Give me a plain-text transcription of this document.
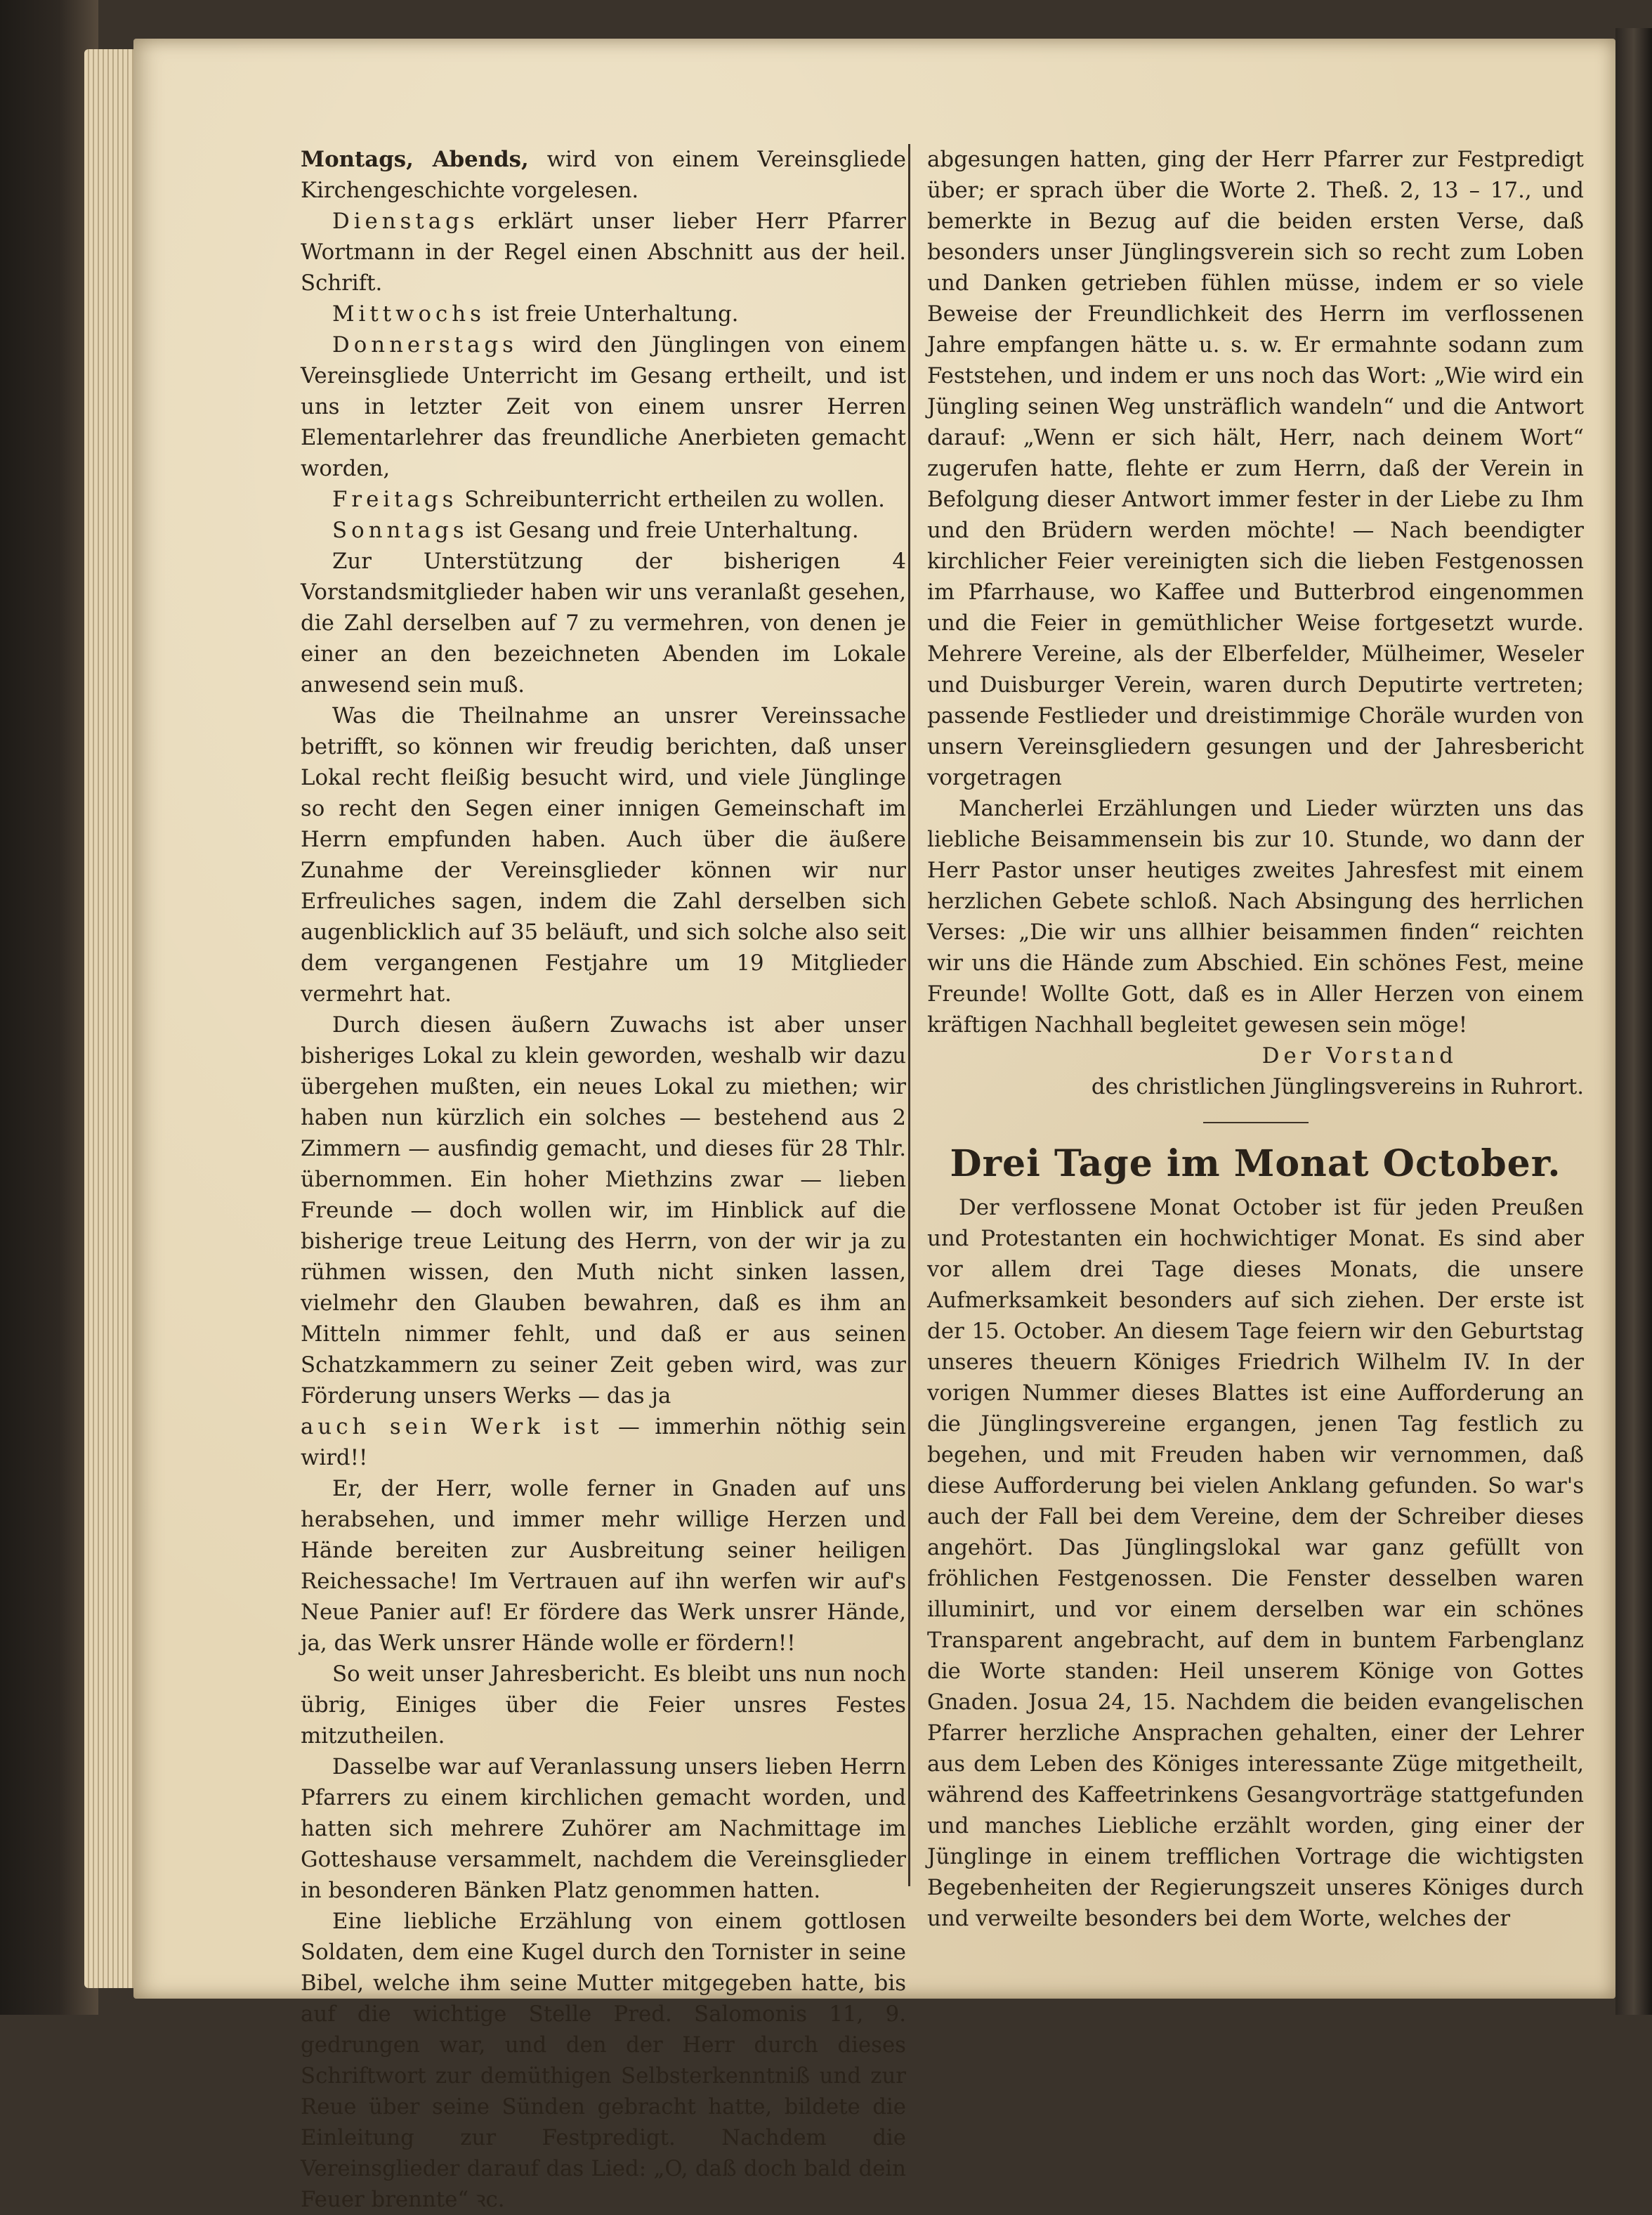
Montags, Abends, wird von einem Vereinsgliede Kirchengeschichte vorgelesen.

Dienstags erklärt unser lieber Herr Pfarrer Wortmann in der Regel einen Abschnitt aus der heil. Schrift.

Mittwochs ist freie Unterhaltung.

Donnerstags wird den Jünglingen von einem Vereinsgliede Unterricht im Gesang ertheilt, und ist uns in letzter Zeit von einem unsrer Herren Elementarlehrer das freundliche Anerbieten gemacht worden,

Freitags Schreibunterricht ertheilen zu wollen.

Sonntags ist Gesang und freie Unterhaltung.

Zur Unterstützung der bisherigen 4 Vorstandsmitglieder haben wir uns veranlaßt gesehen, die Zahl derselben auf 7 zu vermehren, von denen je einer an den bezeichneten Abenden im Lokale anwesend sein muß.

Was die Theilnahme an unsrer Vereinssache betrifft, so können wir freudig berichten, daß unser Lokal recht fleißig besucht wird, und viele Jünglinge so recht den Segen einer innigen Gemeinschaft im Herrn empfunden haben. Auch über die äußere Zunahme der Vereinsglieder können wir nur Erfreuliches sagen, indem die Zahl derselben sich augenblicklich auf 35 beläuft, und sich solche also seit dem vergangenen Festjahre um 19 Mitglieder vermehrt hat.

Durch diesen äußern Zuwachs ist aber unser bisheriges Lokal zu klein geworden, weshalb wir dazu übergehen mußten, ein neues Lokal zu miethen; wir haben nun kürzlich ein solches — bestehend aus 2 Zimmern — ausfindig gemacht, und dieses für 28 Thlr. übernommen. Ein hoher Miethzins zwar — lieben Freunde — doch wollen wir, im Hinblick auf die bisherige treue Leitung des Herrn, von der wir ja zu rühmen wissen, den Muth nicht sinken lassen, vielmehr den Glauben bewahren, daß es ihm an Mitteln nimmer fehlt, und daß er aus seinen Schatzkammern zu seiner Zeit geben wird, was zur Förderung unsers Werks — das ja

auch sein Werk ist — immerhin nöthig sein wird!!

Er, der Herr, wolle ferner in Gnaden auf uns herabsehen, und immer mehr willige Herzen und Hände bereiten zur Ausbreitung seiner heiligen Reichessache! Im Vertrauen auf ihn werfen wir auf's Neue Panier auf! Er fördere das Werk unsrer Hände, ja, das Werk unsrer Hände wolle er fördern!!

So weit unser Jahresbericht. Es bleibt uns nun noch übrig, Einiges über die Feier unsres Festes mitzutheilen.

Dasselbe war auf Veranlassung unsers lieben Herrn Pfarrers zu einem kirchlichen gemacht worden, und hatten sich mehrere Zuhörer am Nachmittage im Gotteshause versammelt, nachdem die Vereinsglieder in besonderen Bänken Platz genommen hatten.

Eine liebliche Erzählung von einem gottlosen Soldaten, dem eine Kugel durch den Tornister in seine Bibel, welche ihm seine Mutter mitgegeben hatte, bis auf die wichtige Stelle Pred. Salomonis 11, 9. gedrungen war, und den der Herr durch dieses Schriftwort zur demüthigen Selbsterkenntniß und zur Reue über seine Sünden gebracht hatte, bildete die Einleitung zur Festpredigt. Nachdem die Vereinsglieder darauf das Lied: „O, daß doch bald dein Feuer brennte“ ꝛc.

abgesungen hatten, ging der Herr Pfarrer zur Festpredigt über; er sprach über die Worte 2. Theß. 2, 13 – 17., und bemerkte in Bezug auf die beiden ersten Verse, daß besonders unser Jünglingsverein sich so recht zum Loben und Danken getrieben fühlen müsse, indem er so viele Beweise der Freundlichkeit des Herrn im verflossenen Jahre empfangen hätte u. s. w. Er ermahnte sodann zum Feststehen, und indem er uns noch das Wort: „Wie wird ein Jüngling seinen Weg unsträflich wandeln“ und die Antwort darauf: „Wenn er sich hält, Herr, nach deinem Wort“ zugerufen hatte, flehte er zum Herrn, daß der Verein in Befolgung dieser Antwort immer fester in der Liebe zu Ihm und den Brüdern werden möchte! — Nach beendigter kirchlicher Feier vereinigten sich die lieben Festgenossen im Pfarrhause, wo Kaffee und Butterbrod eingenommen und die Feier in gemüthlicher Weise fortgesetzt wurde. Mehrere Vereine, als der Elberfelder, Mülheimer, Weseler und Duisburger Verein, waren durch Deputirte vertreten; passende Festlieder und dreistimmige Choräle wurden von unsern Vereinsgliedern gesungen und der Jahresbericht vorgetragen

Mancherlei Erzählungen und Lieder würzten uns das liebliche Beisammensein bis zur 10. Stunde, wo dann der Herr Pastor unser heutiges zweites Jahresfest mit einem herzlichen Gebete schloß. Nach Absingung des herrlichen Verses: „Die wir uns allhier beisammen finden“ reichten wir uns die Hände zum Abschied. Ein schönes Fest, meine Freunde! Wollte Gott, daß es in Aller Herzen von einem kräftigen Nachhall begleitet gewesen sein möge!

Der Vorstand

des christlichen Jünglingsvereins in Ruhrort.

Drei Tage im Monat October.

Der verflossene Monat October ist für jeden Preußen und Protestanten ein hochwichtiger Monat. Es sind aber vor allem drei Tage dieses Monats, die unsere Aufmerksamkeit besonders auf sich ziehen. Der erste ist der 15. October. An diesem Tage feiern wir den Geburtstag unseres theuern Königes Friedrich Wilhelm IV. In der vorigen Nummer dieses Blattes ist eine Aufforderung an die Jünglingsvereine ergangen, jenen Tag festlich zu begehen, und mit Freuden haben wir vernommen, daß diese Aufforderung bei vielen Anklang gefunden. So war's auch der Fall bei dem Vereine, dem der Schreiber dieses angehört. Das Jünglingslokal war ganz gefüllt von fröhlichen Festgenossen. Die Fenster desselben waren illuminirt, und vor einem derselben war ein schönes Transparent angebracht, auf dem in buntem Farbenglanz die Worte standen: Heil unserem Könige von Gottes Gnaden. Josua 24, 15. Nachdem die beiden evangelischen Pfarrer herzliche Ansprachen gehalten, einer der Lehrer aus dem Leben des Königes interessante Züge mitgetheilt, während des Kaffeetrinkens Gesangvorträge stattgefunden und manches Liebliche erzählt worden, ging einer der Jünglinge in einem trefflichen Vortrage die wichtigsten Begebenheiten der Regierungszeit unseres Königes durch und verweilte besonders bei dem Worte, welches der
